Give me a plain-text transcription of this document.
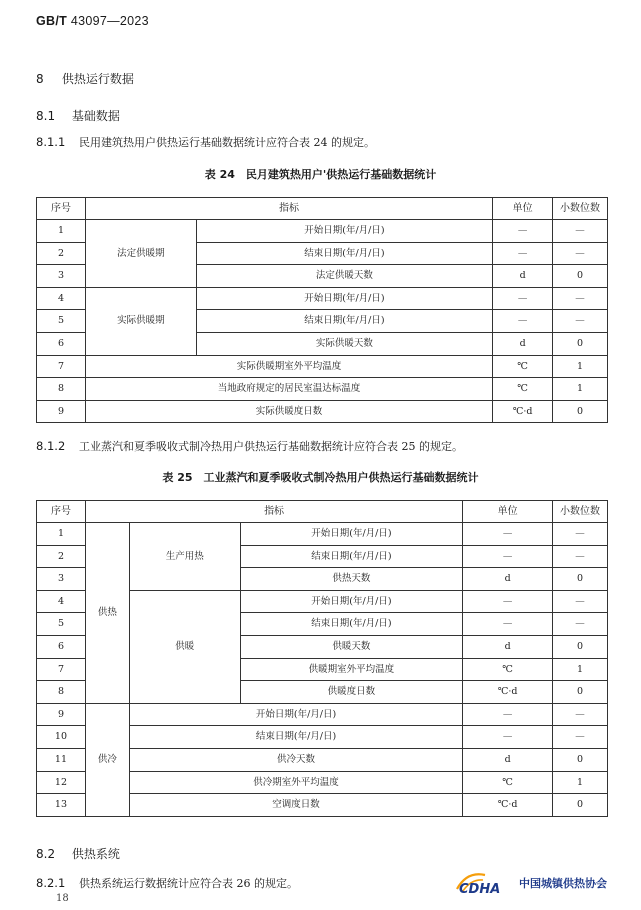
GB/T 43097—2023
8 供热运行数据
8.1 基础数据
8.1.1 民用建筑热用户供热运行基础数据统计应符合表 24 的规定。
表 24　民月建筑热用户'供热运行基础数据统计
序号	指标		单位	小数位数
1	法定供暖期	开始日期(年/月/日)	—	—
2		结束日期(年/月/日)	—	—
3		法定供暖天数	d	0
4	实际供暖期	开始日期(年/月/日)	—	—
5		结束日期(年/月/日)	—	—
6		实际供暖天数	d	0
7	实际供暖期室外平均温度		℃	1
8	当地政府规定的居民室温达标温度		℃	1
9	实际供暖度日数		℃·d	0
8.1.2 工业蒸汽和夏季吸收式制冷热用户供热运行基础数据统计应符合表 25 的规定。
表 25　工业蒸汽和夏季吸收式制冷热用户供热运行基础数据统计
序号	指标			单位	小数位数
1	供热	生产用热	开始日期(年/月/日)	—	—
2			结束日期(年/月/日)	—	—
3			供热天数	d	0
4		供暖	开始日期(年/月/日)	—	—
5			结束日期(年/月/日)	—	—
6			供暖天数	d	0
7			供暖期室外平均温度	℃	1
8			供暖度日数	℃·d	0
9	供冷	开始日期(年/月/日)		—	—
10		结束日期(年/月/日)		—	—
11		供冷天数		d	0
12		供冷期室外平均温度		℃	1
13		空调度日数		℃·d	0
8.2 供热系统
8.2.1 供热系统运行数据统计应符合表 26 的规定。
18
CDHA 中国城镇供热协会
